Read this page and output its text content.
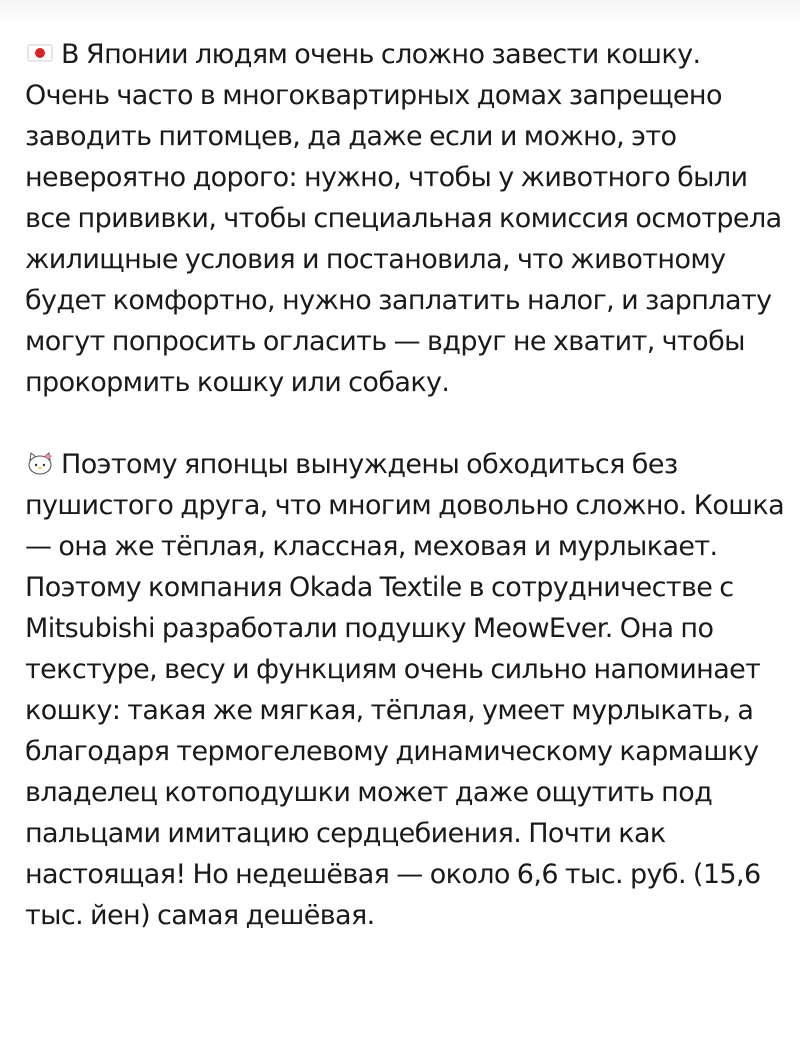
В Японии людям очень сложно завести кошку. Очень часто в многоквартирных домах запрещено заводить питомцев, да даже если и можно, это невероятно дорого: нужно, чтобы у животного были все прививки, чтобы специальная комиссия осмотрела жилищные условия и постановила, что животному будет комфортно, нужно заплатить налог, и зарплату могут попросить огласить — вдруг не хватит, чтобы прокормить кошку или собаку.

Поэтому японцы вынуждены обходиться без пушистого друга, что многим довольно сложно. Кошка — она же тёплая, классная, меховая и мурлыкает. Поэтому компания Okada Textile в сотрудничестве с Mitsubishi разработали подушку MeowEver. Она по текстуре, весу и функциям очень сильно напоминает кошку: такая же мягкая, тёплая, умеет мурлыкать, а благодаря термогелевому динамическому кармашку владелец котоподушки может даже ощутить под пальцами имитацию сердцебиения. Почти как настоящая! Но недешёвая — около 6,6 тыс. руб. (15,6 тыс. йен) самая дешёвая.
